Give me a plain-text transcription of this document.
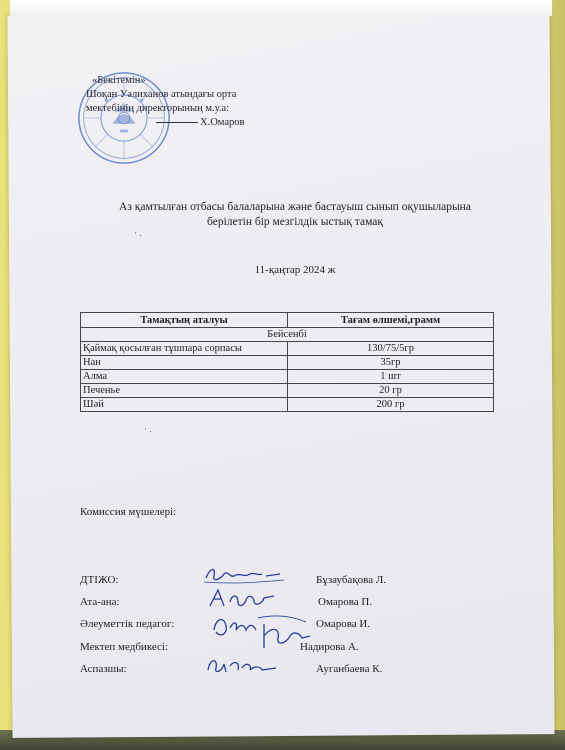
«Бекітемін»
Шоқан Уәлиханов атындағы орта
мектебінің директорының м.у.а:
Х.Омаров
Аз қамтылған отбасы балаларына және бастауыш сынып оқушыларына
берілетін бір мезгілдік ыстық тамақ
· .
11-қаңтар 2024 ж
Тамақтың аталуы	Тағам өлшемі,грамм
Бейсенбі	
Қаймақ қосылған тұшпара сорпасы	130/75/5гр
Нан	35гр
Алма	1 шт
Печенье	20 гр
Шәй	200 гр
· .
Комиссия мүшелері:
ДТІЖО:	Бұзаубақова Л.
Ата-ана:	Омарова П.
Әлеуметтік педагог:	Омарова И.
Мектеп медбикесі:	Надирова А.
Аспазшы:	Ауганбаева К.
